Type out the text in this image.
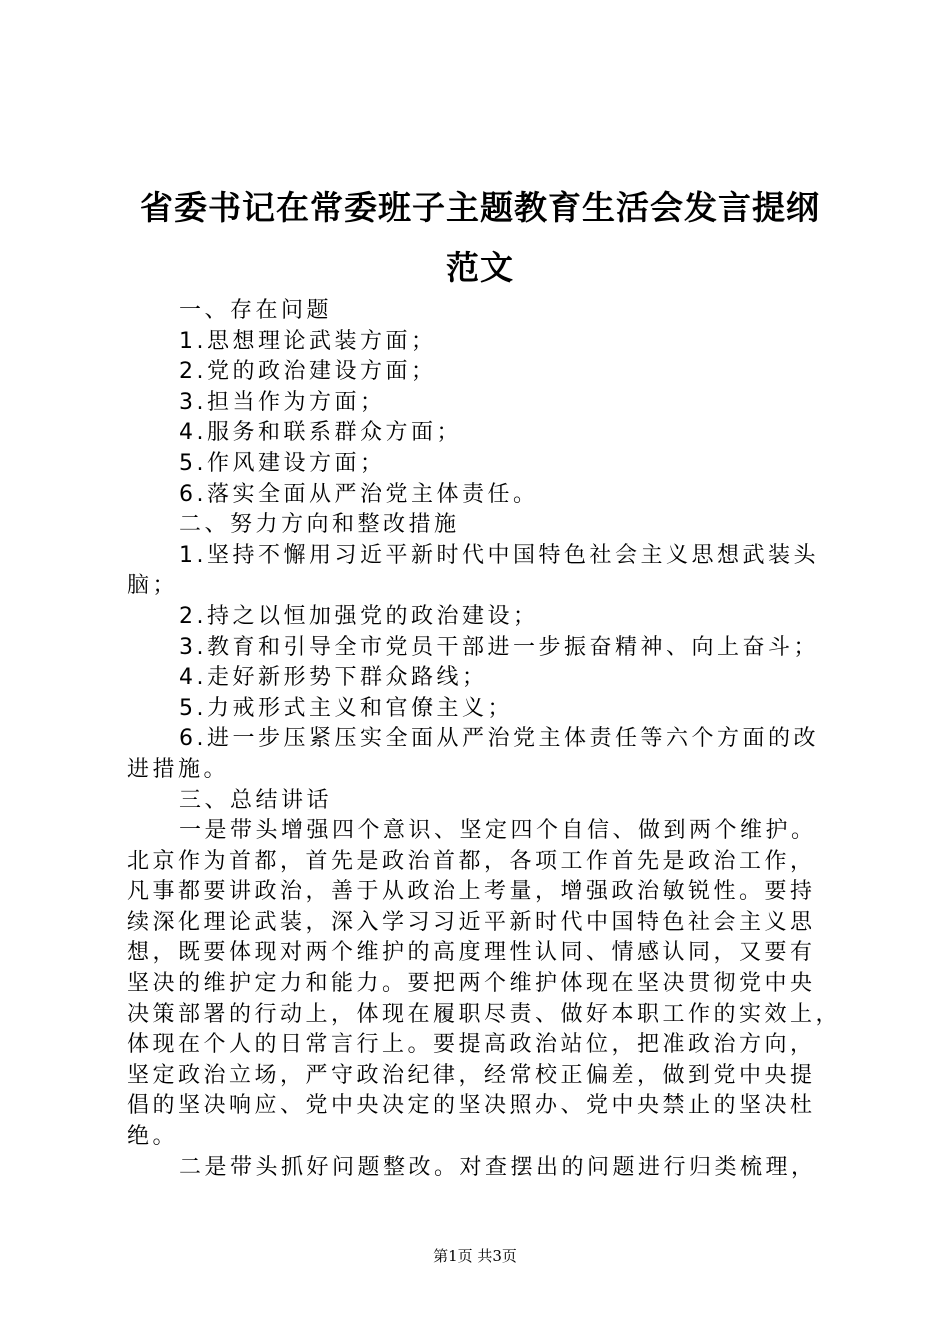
省委书记在常委班子主题教育生活会发言提纲
范文

一、存在问题

1.思想理论武装方面；

2.党的政治建设方面；

3.担当作为方面；

4.服务和联系群众方面；

5.作风建设方面；

6.落实全面从严治党主体责任。

二、努力方向和整改措施

1.坚持不懈用习近平新时代中国特色社会主义思想武装头

脑；

2.持之以恒加强党的政治建设；

3.教育和引导全市党员干部进一步振奋精神、向上奋斗；

4.走好新形势下群众路线；

5.力戒形式主义和官僚主义；

6.进一步压紧压实全面从严治党主体责任等六个方面的改

进措施。

三、总结讲话

一是带头增强四个意识、坚定四个自信、做到两个维护。

北京作为首都，首先是政治首都，各项工作首先是政治工作，

凡事都要讲政治，善于从政治上考量，增强政治敏锐性。要持

续深化理论武装，深入学习习近平新时代中国特色社会主义思

想，既要体现对两个维护的高度理性认同、情感认同，又要有

坚决的维护定力和能力。要把两个维护体现在坚决贯彻党中央

决策部署的行动上，体现在履职尽责、做好本职工作的实效上，

体现在个人的日常言行上。要提高政治站位，把准政治方向，

坚定政治立场，严守政治纪律，经常校正偏差，做到党中央提

倡的坚决响应、党中央决定的坚决照办、党中央禁止的坚决杜

绝。

二是带头抓好问题整改。对查摆出的问题进行归类梳理，

第1页 共3页
